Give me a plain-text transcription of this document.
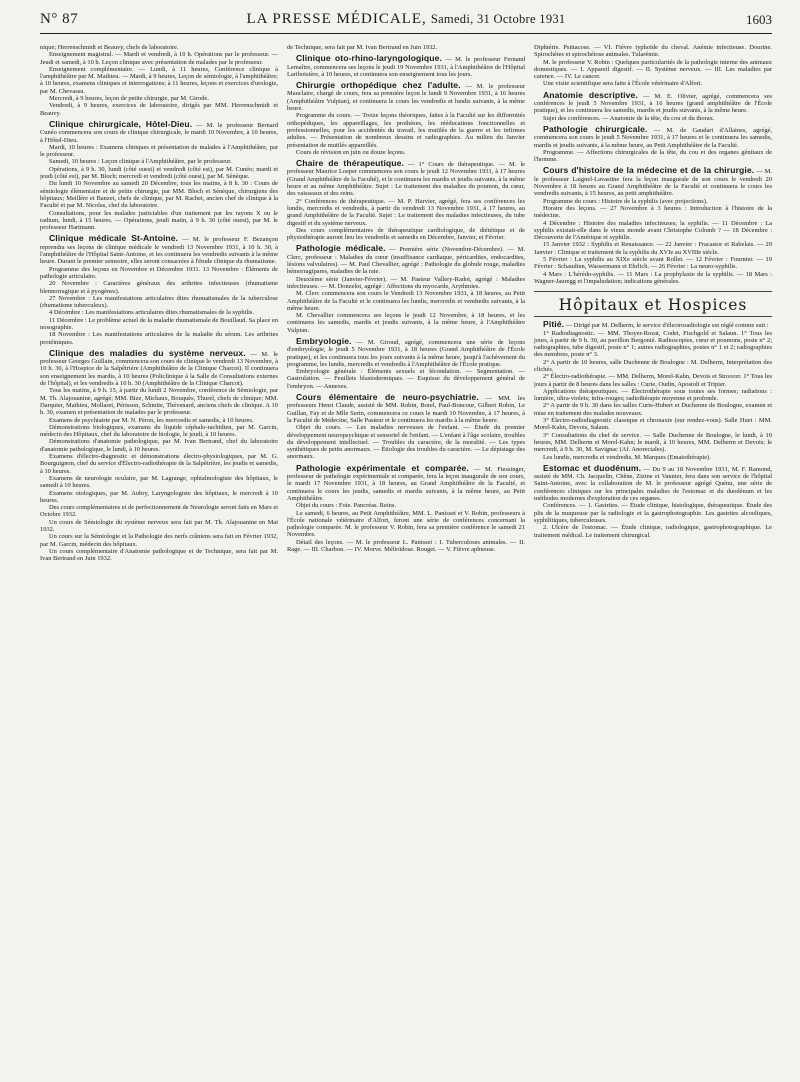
N° 87	LA PRESSE MÉDICALE, Samedi, 31 Octobre 1931	1603

nique; Herrenschmidt et Beauvy, chefs de laboratoire.

Enseignement magistral. — Mardi et vendredi, à 10 h. Opérations par le professeur. — Jeudi et samedi, à 10 h. Leçon clinique avec présentation de malades par le professeur.

Enseignement complémentaire. — Lundi, à 11 heures, Conférence clinique à l'amphithéâtre par M. Mathieu. — Mardi, à 9 heures, Leçon de sémiologie, à l'amphithéâtre; à 10 heures, examens cliniques et interrogations; à 11 heures, leçons et exercices d'urologie, par M. Chevassu.

Mercredi, à 9 heures, leçon de petite chirurgie, par M. Girode.

Vendredi, à 9 heures, exercices de laboratoire, dirigés par MM. Herrenschmidt et Beauvy.

Clinique chirurgicale, Hôtel-Dieu. — M. le professeur Bernard Cunéo commencera son cours de clinique chirurgicale, le mardi 10 Novembre, à 10 heures, à l'Hôtel-Dieu.

Mardi, 10 heures : Examens cliniques et présentation de malades à l'Amphithéâtre, par le professeur.

Samedi, 10 heures : Leçon clinique à l'Amphithéâtre, par le professeur.

Opérations, à 9 h. 30, lundi (côté ouest) et vendredi (côté est), par M. Cunéo; mardi et jeudi (côté est), par M. Bloch; mercredi et vendredi (côté ouest), par M. Sénèque.

Du lundi 10 Novembre au samedi 20 Décembre, tous les matins, à 8 h. 30 : Cours de sémiologie élémentaire et de petite chirurgie, par MM. Bloch et Sénèque, chirurgiens des hôpitaux; Meillère et Banzet, chefs de clinique, par M. Rachet, ancien chef de clinique à la Faculté et par M. Nicolas, chef du laboratoire.

Consultations, pour les malades justiciables d'un traitement par les rayons X ou le radium, lundi, à 15 heures. — Opérations, jeudi matin, à 9 h. 30 (côté ouest), par M. le professeur Hartmann.

Clinique médicale St-Antoine. — M. le professeur F. Bezançon reprendra ses leçons de clinique médicale le vendredi 13 Novembre 1931, à 10 h. 30, à l'amphithéâtre de l'Hôpital Saint-Antoine, et les continuera les vendredis suivants à la même heure. Durant le premier semestre, elles seront consacrées à l'étude clinique du rhumatisme.

Programme des leçons en Novembre et Décembre 1931. 13 Novembre : Éléments de pathologie articulaire.

20 Novembre : Caractères généraux des arthrites infectieuses (rhumatisme blennorragique et à pyogènes).

27 Novembre : Les manifestations articulaires dites rhumatismales de la tuberculose (rhumatisme tuberculeux).

4 Décembre : Les manifestations articulaires dites rhumatismales de la syphilis.

11 Décembre : Le problème actuel de la maladie rhumatismale de Bouillaud. Sa place en nosographie.

18 Novembre : Les manifestations articulaires de la maladie du sérum. Les arthrites protéiniques.

Clinique des maladies du système nerveux. — M. le professeur Georges Guillain, commencera son cours de clinique le vendredi 13 Novembre, à 10 h. 30, à l'Hospice de la Salpêtrière (Amphithéâtre de la Clinique Charcot). Il continuera son enseignement les mardis, à 10 heures (Policlinique à la Salle de Consultations externes de l'hôpital), et les vendredis à 10 h. 30 (Amphithéâtre de la Clinique Charcot).

Tous les matins, à 9 h. 15, à partir du lundi 2 Novembre, conférence de Sémiologie, par M. Th. Alajouanine, agrégé; MM. Bize, Michaux, Bouquès, Thurel, chefs de clinique; MM. Darquier, Mathieu, Mollaret, Périsson, Schmite, Thévenard, anciens chefs de clinique. A 10 h. 30, examen et présentation de malades par le professeur.

Examens de psychiatrie par M. N. Péron, les mercredis et samedis, à 10 heures.

Démonstrations biologiques, examens du liquide céphalo-rachidien, par M. Garcin, médecin des Hôpitaux, chef du laboratoire de biologie, le jeudi, à 10 heures.

Démonstrations d'anatomie pathologique, par M. Ivan Bertrand, chef du laboratoire d'anatomie pathologique, le lundi, à 10 heures.

Examens d'électro-diagnostic et démonstrations électro-physiologiques, par M. G. Bourguignon, chef du service d'Électro-radiothérapie de la Salpêtrière, les jeudis et samedis, à 10 heures.

Examens de neurologie oculaire, par M. Lagrange, ophtalmologiste des hôpitaux, le samedi à 10 heures.

Examens otologiques, par M. Aubry, Laryngologiste des hôpitaux, le mercredi à 10 heures.

Des cours complémentaires et de perfectionnement de Neurologie seront faits en Mars et Octobre 1932.

Un cours de Sémiologie du système nerveux sera fait par M. Th. Alajouanine en Mai 1932.

Un cours sur la Sémiologie et la Pathologie des nerfs crâniens sera fait en Février 1932, par M. Garcin, médecin des hôpitaux.

Un cours complémentaire d'Anatomie pathologique et de Technique, sera fait par M. Ivan Bertrand en Juin 1932.

de Technique, sera fait par M. Ivan Bertrand en Juin 1932.

Clinique oto-rhino-laryngologique. — M. le professeur Fernand Lemaître, commencera ses leçons le jeudi 19 Novembre 1931, à l'Amphithéâtre de l'Hôpital Lariboisière, à 10 heures, et continuera son enseignement tous les jours.

Chirurgie orthopédique chez l'adulte. — M. le professeur Mauclaire, chargé de cours, fera sa première leçon le lundi 9 Novembre 1931, à 16 heures (Amphithéâtre Vulpian), et continuera le cours les vendredis et lundis suivants, à la même heure.

Programme du cours. — Treize leçons théoriques, faites à la Faculté sur les difformités orthopédiques, les appareillages, les prothèses, les rééducations fonctionnelles et professionnelles, pour les accidentés du travail, les mutilés de la guerre et les infirmes adultes. — Présentation de nombreux dessins et radiographies. Au milieu du Janvier présentation de mutilés appareillés.

Cours de révision en juin ou douze leçons.

Chaire de thérapeutique. — 1° Cours de thérapeutique. — M. le professeur Maurice Loeper commencera son cours le jeudi 12 Novembre 1931, à 17 heures (Grand Amphithéâtre de la Faculté), et le continuera les mardis et jeudis suivants, à la même heure et au même Amphithéâtre. Sujet : Le traitement des maladies du poumon, du cœur, des vaisseaux et des reins.

2° Conférences de thérapeutique. — M. P. Harvier, agrégé, fera ses conférences les lundis, mercredis et vendredis, à partir du vendredi 13 Novembre 1931, à 17 heures, au grand Amphithéâtre de la Faculté. Sujet : Le traitement des maladies infectieuses, du tube digestif et du système nerveux.

Des cours complémentaires de thérapeutique cardiologique, de diététique et de physiothérapie auront lieu les vendredis et samedis en Décembre, Janvier, et Février.

Pathologie médicale. — Première série (Novembre-Décembre). — M. Clerc, professeur : Maladies du cœur (insuffisance cardiaque, péricardites, endocardites, lésions valvulaires). — M. Paul Chevallier, agrégé : Pathologie du globule rouge, maladies hémorragipares, maladies de la rate.

Deuxième série (Janvier-Février). — M. Pasteur Vallery-Radot, agrégé : Maladies infectieuses. — M. Donzelot, agrégé : Affections du myocarde, Arythmies.

M. Clerc commencera son cours le Vendredi 13 Novembre 1931, à 18 heures, au Petit Amphithéâtre de la Faculté et le continuera les lundis, mercredis et vendredis suivants, à la même heure.

M. Chevallier commencera ses leçons le jeudi 12 Novembre, à 18 heures, et les continuera les samedis, mardis et jeudis suivants, à la même heure, à l'Amphithéâtre Vulpian.

Embryologie. — M. Giroud, agrégé, commencera une série de leçons d'embryologie, le jeudi 5 Novembre 1931, à 18 heures (Grand Amphithéâtre de l'École pratique), et les continuera tous les jours suivants à la même heure, jusqu'à l'achèvement du programme, les lundis, mercredis et vendredis à l'Amphithéâtre de l'École pratique.

Embryologie générale : Éléments sexuels et fécondation. — Segmentation. — Gastrulation. — Feuillets blastodermiques. — Esquisse du développement général de l'embryon. — Annexes.

Cours élémentaire de neuro-psychiatrie. — MM. les professeurs Henri Claude, assisté de MM. Robin, Borel, Paul-Boncour, Gilbert Robin, Le Guillan, Fay et de Mlle Serin, commencera ce cours le mardi 10 Novembre, à 17 heures, à la Faculté de Médecine, Salle Pasteur et le continuera les mardis à la même heure.

Objet du cours. — Les maladies nerveuses de l'enfant. — Étude du premier développement neuropsychique et sensoriel de l'enfant. — L'enfant à l'âge scolaire, troubles du développement intellectuel. — Troubles du caractère, de la moralité. — Les types synthétiques de petits anormaux. — Étiologie des troubles du caractère. — Le dépistage des anormaux.

Pathologie expérimentale et comparée. — M. Fiessinger, professeur de pathologie expérimentale et comparée, fera la leçon inaugurale de son cours, le mardi 17 Novembre 1931, à 18 heures, au Grand Amphithéâtre de la Faculté, et continuera le cours les jeudis, samedis et mardis suivants, à la même heure, au Petit Amphithéâtre.

Objet du cours : Foie. Pancréas. Reins.

Le samedi, 6 heures, au Petit Amphithéâtre, MM. L. Panisset et V. Robin, professeurs à l'École nationale vétérinaire d'Alfort, feront une série de conférences concernant la pathologie comparée. M. le professeur V. Robin, fera sa première conférence le samedi 21 Novembre.

Détail des leçons. — M. le professeur L. Panisset : I. Tuberculoses animales. — II. Rage. — III. Charbon. — IV. Morve. Mélioïdose. Rouget. — V. Fièvre aphteuse.

Diphtérie. Psittacose. — VI. Fièvre typhoïde du cheval. Anémie infectieuse. Dourine. Spirochètes et spirochétose animales. Tularémie.

M. le professeur V. Robin : Quelques particularités de la pathologie interne des animaux domestiques. — I. Appareil digestif. — II. Système nerveux. — III. Les maladies par carence. — IV. Le cancer.

Une visite scientifique sera faite à l'École vétérinaire d'Alfort.

Anatomie descriptive. — M. E. Olivier, agrégé, commencera ses conférences le jeudi 5 Novembre 1931, à 16 heures (grand amphithéâtre de l'École pratique), et les continuera les samedis, mardis et jeudis suivants, à la même heure.

Sujet des conférences. — Anatomie de la tête, du cou et du thorax.

Pathologie chirurgicale. — M. de Gaudart d'Allaines, agrégé, commencera son cours le jeudi 5 Novembre 1931, à 17 heures et le continuera les samedis, mardis et jeudis suivants, à la même heure, au Petit Amphithéâtre de la Faculté.

Programme. — Affections chirurgicales de la tête, du cou et des organes génitaux de l'homme.

Cours d'histoire de la médecine et de la chirurgie. — M. le professeur Laignel-Lavastine fera la leçon inaugurale de son cours le vendredi 20 Novembre à 18 heures au Grand Amphithéâtre de la Faculté et continuera le cours les vendredis suivants, à 15 heures, au petit amphithéâtre.

Programme du cours : Histoire de la syphilis (avec projections).

Horaire des leçons. — 27 Novembre à 3 heures : Introduction à l'histoire de la médecine.

4 Décembre : Histoire des maladies infectieuses; la syphilis. — 11 Décembre : La syphilis existait-elle dans le vieux monde avant Christophe Colomb ? — 18 Décembre : Découverte de l'Amérique et syphilis.

15 Janvier 1932 : Syphilis et Renaissance. — 22 Janvier : Fracastor et Rabelais. — 29 Janvier : Clinique et traitement de la syphilis du XVIe au XVIIIe siècle.

5 Février : La syphilis au XIXe siècle avant Rollet. — 12 Février : Fournier. — 19 Février : Schaudinn, Wassermann et Ehrlich. — 26 Février : La neuro-syphilis.

4 Mars : L'hérédo-syphilis. — 11 Mars : La prophylaxie de la syphilis. — 18 Mars : Wagner-Jauregg et l'impaludation; indications générales.

Hôpitaux et Hospices

Pitié. — Dirigé par M. Delherm, le service d'électroradiologie est réglé comme suit :

1° Radiodiagnostic. — MM. Thoyer-Rozat, Codet, Fischgold et Salaun. 1° Tous les jours, à partir de 9 h. 30, au pavillon Bergonié. Radioscopies, cœur et poumons, poste n° 2; radiographies, tube digestif, poste n° 1; autres radiographies, postes n° 1 et 2; radiographies des membres, poste n° 3.

2° A partir de 10 heures, salle Duchenne de Boulogne : M. Delherm, Interprétation des clichés.

2° Électro-radiothérapie. — MM. Delherm, Morel-Kahn, Devois et Stroocer. 1° Tous les jours à partir de 8 heures dans les salles : Curie, Oudin, Apostoli et Tripier.

Applications thérapeutiques. — Électrothérapie sous toutes ses formes; radiations : lumière, ultra-violets; infra-rouges; radiothérapie moyenne et profonde.

2° A partir de 9 h. 30 dans les salles Curie-Hubert et Duchenne de Boulogne, examen et mise en traitement des malades nouveaux.

3° Électro-radiodiagnostic classique et chronaxie (sur rendez-vous). Salle Huet : MM. Morel-Kahn, Devois, Salaun.

3° Consultations du chef de service. — Salle Duchenne de Boulogne, le lundi, à 10 heures, MM. Delherm et Morel-Kahn; le mardi, à 10 heures, MM. Delherm et Devois; le mercredi, à 9 h. 30, M. Savignac (Af. Anorectales).

Les lundis, mercredis et vendredis, M. Marques (Ematothérapie).

Estomac et duodénum. — Du 9 au 18 Novembre 1931, M. F. Ramond, assisté de MM. Ch. Jacquelin, Chêne, Zizine et Vannier, fera dans son service de l'hôpital Saint-Antoine, avec la collaboration de M. le professeur agrégé Quénu, une série de conférences cliniques sur les principales maladies de l'estomac et du duodénum et les méthodes modernes d'exploration de ces organes.

Conférences. — 1. Gastrites. — Étude clinique, histologique, thérapeutique. Étude des plis de la muqueuse par la radiologie et la gastrophotographie. Les gastrites alcooliques, syphilitiques, tuberculeuses.

2. Ulcère de l'estomac. — Étude clinique, radiologique, gastrophotographique. Le traitement médical. Le traitement chirurgical.
